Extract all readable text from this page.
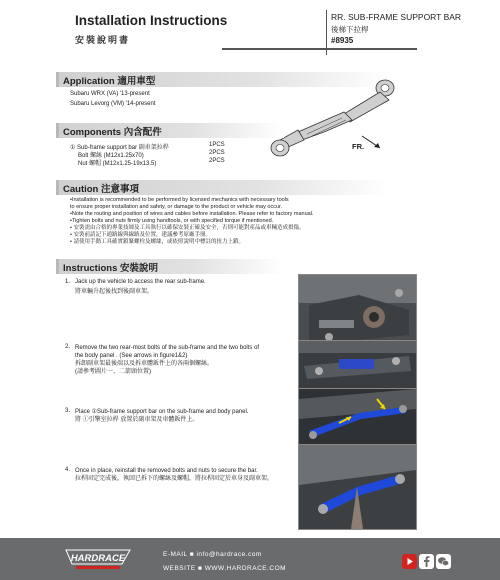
Installation Instructions
安裝說明書
RR. SUB-FRAME SUPPORT BAR
後梯下拉桿
#8935
Application 適用車型
Subaru WRX (VA) '13-present
Subaru Levorg (VM) '14-present
FR.
Components 內含配件
① Sub-frame support bar 副車架拉桿	1PCS
Bolt 螺絲 (M12x1.25x70)	2PCS
Nut 螺帽 (M12x1.25-19x13.5)	2PCS
Caution 注意事項
•Installation is recommended to be performed by licensed mechanics with necessary tools
to ensure proper installation and safety, or damage to the product or vehicle may occur.
•Note the routing and position of wires and cables before installation. Please refer to factory manual.
•Tighten bolts and nuts firmly using handtools, or with specified torque if mentioned.
• 安裝需由合格的專業技師及工具執行以確保安裝正確及安全，否則可能對產品或車輛造成損傷。
• 安裝前請記下通路線與線路及位置，建議參考原廠手冊。
• 請使用手動工具確實鎖緊螺栓及螺絲，或依照說明中標註的扭力上鎖。
Instructions 安裝說明
1. Jack up the vehicle to access the rear sub-frame.
將車輛升起後找到後副車架。
2. Remove the two rear-most bolts of the sub-frame and the two bolts of
the body panel . (See arrows in figure1&2)
拆卸副車架最後端以及拆車體鈑件上的各兩個螺絲。
(請參考圖片一、二箭頭位置)
3. Place ①Sub-frame support bar on the sub-frame and body panel.
將 ①引擎室拉桿 放置於副車架及車體鈑件上。
4. Once in place, reinstall the removed bolts and nuts to secure the bar.
拉桿固定完成後，執回已拆下的螺絲及螺帽，將拉桿固定於車身及副車架。
HARDRACE	E-MAIL ■ info@hardrace.com
WEBSITE ■ WWW.HARDRACE.COM
